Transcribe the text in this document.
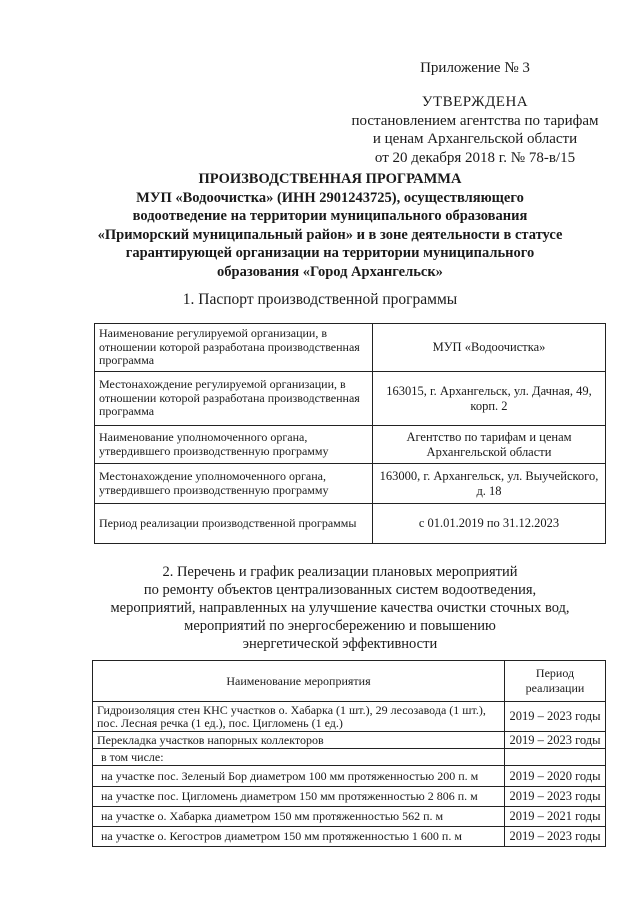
Приложение № 3
УТВЕРЖДЕНА
постановлением агентства по тарифам
и ценам Архангельской области
от 20 декабря 2018 г. № 78-в/15
ПРОИЗВОДСТВЕННАЯ ПРОГРАММА
МУП «Водоочистка» (ИНН 2901243725), осуществляющего
водоотведение на территории муниципального образования
«Приморский муниципальный район» и в зоне деятельности в статусе
гарантирующей организации на территории муниципального
образования «Город Архангельск»
1. Паспорт производственной программы
Наименование регулируемой организации, в отношении которой разработана производственная программа	МУП «Водоочистка»
Местонахождение регулируемой организации, в отношении которой разработана производственная программа	163015, г. Архангельск, ул. Дачная, 49, корп. 2
Наименование уполномоченного органа, утвердившего производственную программу	Агентство по тарифам и ценам Архангельской области
Местонахождение уполномоченного органа, утвердившего производственную программу	163000, г. Архангельск, ул. Выучейского, д. 18
Период реализации производственной программы	с 01.01.2019 по 31.12.2023
2. Перечень и график реализации плановых мероприятий
по ремонту объектов централизованных систем водоотведения,
мероприятий, направленных на улучшение качества очистки сточных вод,
мероприятий по энергосбережению и повышению
энергетической эффективности
Наименование мероприятия	Период реализации
Гидроизоляция стен КНС участков о. Хабарка (1 шт.), 29 лесозавода (1 шт.), пос. Лесная речка (1 ед.), пос. Цигломень (1 ед.)	2019 – 2023 годы
Перекладка участков напорных коллекторов	2019 – 2023 годы
в том числе:	
на участке пос. Зеленый Бор диаметром 100 мм протяженностью 200 п. м	2019 – 2020 годы
на участке пос. Цигломень диаметром 150 мм протяженностью 2 806 п. м	2019 – 2023 годы
на участке о. Хабарка диаметром 150 мм протяженностью 562 п. м	2019 – 2021 годы
на участке о. Кегостров диаметром 150 мм протяженностью 1 600 п. м	2019 – 2023 годы
